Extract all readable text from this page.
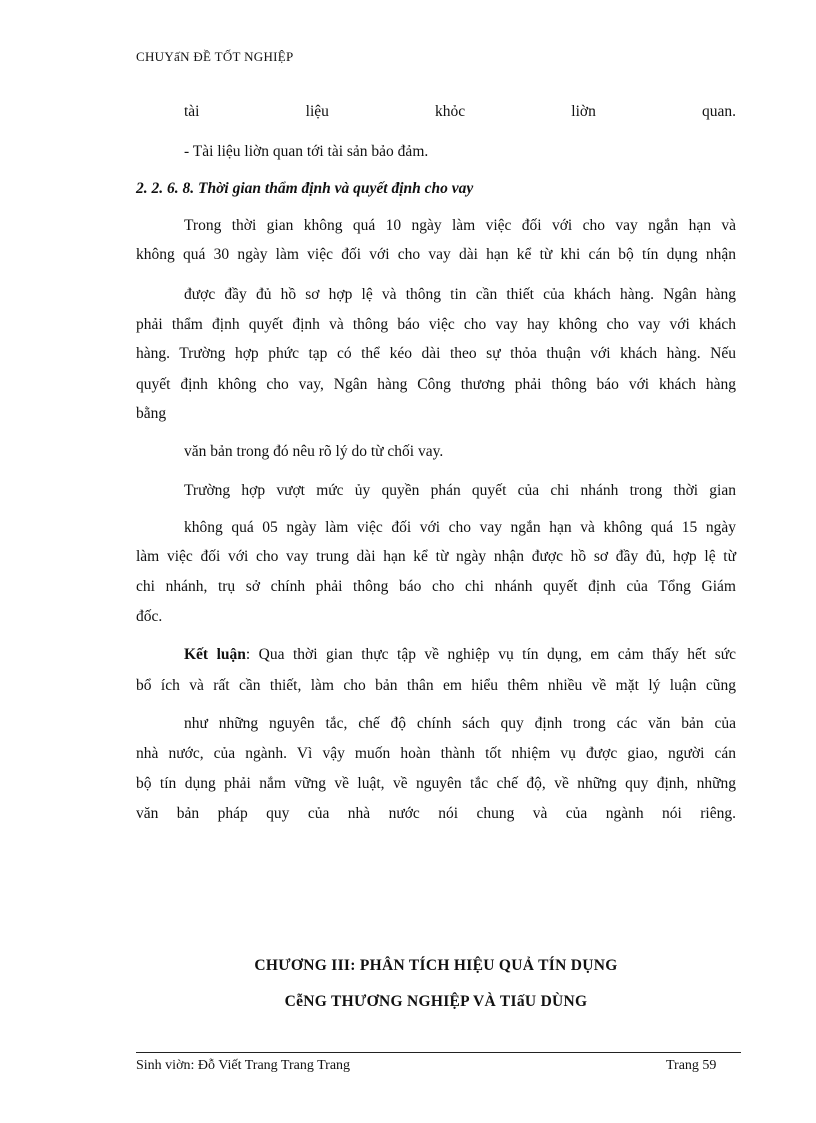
CHUYấN ĐỀ TỐT NGHIỆP
tài liệu khỏc liờn quan.
- Tài liệu liờn quan tới tài sản bảo đảm.
2. 2. 6. 8. Thời gian thẩm định và quyết định cho vay
Trong thời gian không quá 10 ngày làm việc đối với cho vay ngắn hạn và
không quá 30 ngày làm việc đối với cho vay dài hạn kể từ khi cán bộ tín dụng nhận
được đầy đủ hồ sơ hợp lệ và thông tin cần thiết của khách hàng. Ngân hàng
phải thẩm định quyết định và thông báo việc cho vay hay không cho vay với khách
hàng. Trường hợp phức tạp có thể kéo dài theo sự thỏa thuận với khách hàng. Nếu
quyết định không cho vay, Ngân hàng Công thương phải thông báo với khách hàng
bằng
văn bản trong đó nêu rõ lý do từ chối vay.
Trường hợp vượt mức ủy quyền phán quyết của chi nhánh trong thời gian
không quá 05 ngày làm việc đối với cho vay ngắn hạn và không quá 15 ngày
làm việc đối với cho vay trung dài hạn kể từ ngày nhận được hồ sơ đầy đủ, hợp lệ từ
chi nhánh, trụ sở chính phải thông báo cho chi nhánh quyết định của Tổng Giám
đốc.
Kết luận: Qua thời gian thực tập về nghiệp vụ tín dụng, em cảm thấy hết sức
bổ ích và rất cần thiết, làm cho bản thân em hiểu thêm nhiều về mặt lý luận cũng
như những nguyên tắc, chế độ chính sách quy định trong các văn bản của
nhà nước, của ngành. Vì vậy muốn hoàn thành tốt nhiệm vụ được giao, người cán
bộ tín dụng phải nắm vững về luật, về nguyên tắc chế độ, về những quy định, những
văn bản pháp quy của nhà nước nói chung và của ngành nói riêng.
CHƯƠNG III: PHÂN TÍCH HIỆU QUẢ TÍN DỤNG
CễNG THƯƠNG NGHIỆP VÀ TIấU DÙNG
Sinh viờn: Đỗ Viết Trang Trang Trang	Trang 59
